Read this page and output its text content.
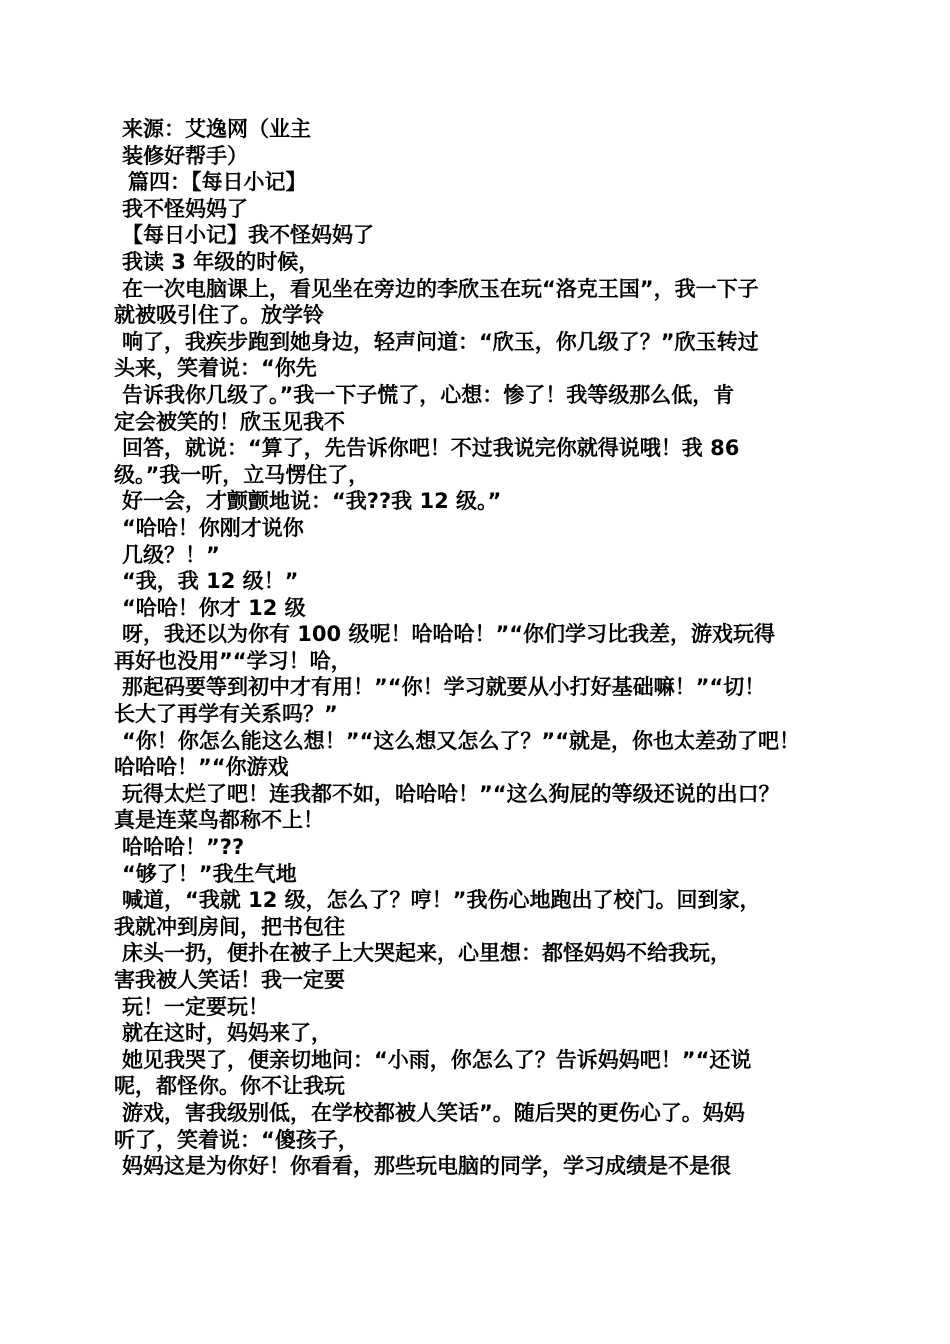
来源：艾逸网（业主
装修好帮手）
篇四：【每日小记】
我不怪妈妈了
【每日小记】我不怪妈妈了
我读 3 年级的时候，
在一次电脑课上，看见坐在旁边的李欣玉在玩“洛克王国”，我一下子
就被吸引住了。放学铃
响了，我疾步跑到她身边，轻声问道：“欣玉，你几级了？”欣玉转过
头来，笑着说：“你先
告诉我你几级了。”我一下子慌了，心想：惨了！我等级那么低，肯
定会被笑的！欣玉见我不
回答，就说：“算了，先告诉你吧！不过我说完你就得说哦！我 86
级。”我一听，立马愣住了，
好一会，才颤颤地说：“我??我 12 级。”
“哈哈！你刚才说你
几级？！”
“我，我 12 级！”
“哈哈！你才 12 级
呀，我还以为你有 100 级呢！哈哈哈！”“你们学习比我差，游戏玩得
再好也没用”“学习！哈，
那起码要等到初中才有用！”“你！学习就要从小打好基础嘛！”“切！
长大了再学有关系吗？”
“你！你怎么能这么想！”“这么想又怎么了？”“就是，你也太差劲了吧！
哈哈哈！”“你游戏
玩得太烂了吧！连我都不如，哈哈哈！”“这么狗屁的等级还说的出口？
真是连菜鸟都称不上！
哈哈哈！”??
“够了！”我生气地
喊道，“我就 12 级，怎么了？哼！”我伤心地跑出了校门。回到家，
我就冲到房间，把书包往
床头一扔，便扑在被子上大哭起来，心里想：都怪妈妈不给我玩，
害我被人笑话！我一定要
玩！一定要玩！
就在这时，妈妈来了，
她见我哭了，便亲切地问：“小雨，你怎么了？告诉妈妈吧！”“还说
呢，都怪你。你不让我玩
游戏，害我级别低，在学校都被人笑话”。随后哭的更伤心了。妈妈
听了，笑着说：“傻孩子，
妈妈这是为你好！你看看，那些玩电脑的同学，学习成绩是不是很
